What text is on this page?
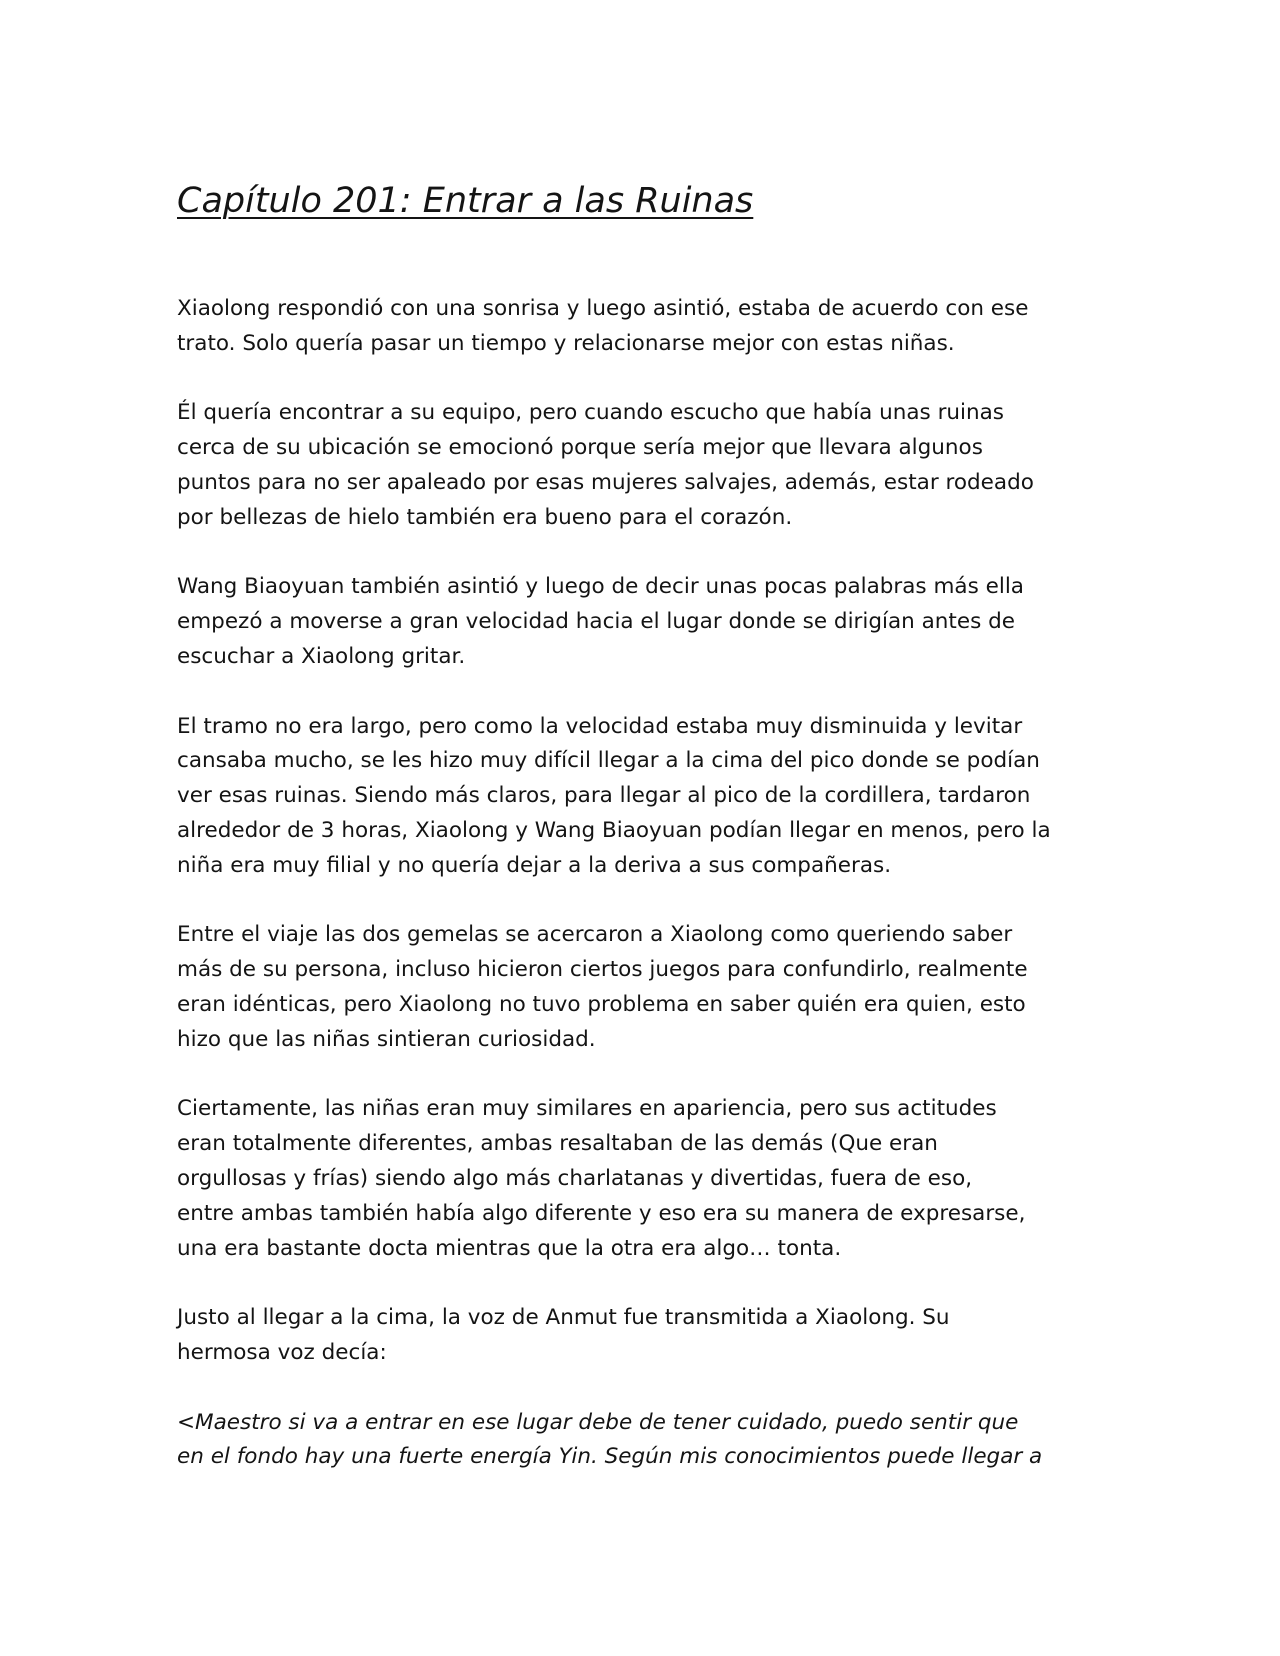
Capítulo 201: Entrar a las Ruinas

Xiaolong respondió con una sonrisa y luego asintió, estaba de acuerdo con ese
trato. Solo quería pasar un tiempo y relacionarse mejor con estas niñas.

Él quería encontrar a su equipo, pero cuando escucho que había unas ruinas
cerca de su ubicación se emocionó porque sería mejor que llevara algunos
puntos para no ser apaleado por esas mujeres salvajes, además, estar rodeado
por bellezas de hielo también era bueno para el corazón.

Wang Biaoyuan también asintió y luego de decir unas pocas palabras más ella
empezó a moverse a gran velocidad hacia el lugar donde se dirigían antes de
escuchar a Xiaolong gritar.

El tramo no era largo, pero como la velocidad estaba muy disminuida y levitar
cansaba mucho, se les hizo muy difícil llegar a la cima del pico donde se podían
ver esas ruinas. Siendo más claros, para llegar al pico de la cordillera, tardaron
alrededor de 3 horas, Xiaolong y Wang Biaoyuan podían llegar en menos, pero la
niña era muy filial y no quería dejar a la deriva a sus compañeras.

Entre el viaje las dos gemelas se acercaron a Xiaolong como queriendo saber
más de su persona, incluso hicieron ciertos juegos para confundirlo, realmente
eran idénticas, pero Xiaolong no tuvo problema en saber quién era quien, esto
hizo que las niñas sintieran curiosidad.

Ciertamente, las niñas eran muy similares en apariencia, pero sus actitudes
eran totalmente diferentes, ambas resaltaban de las demás (Que eran
orgullosas y frías) siendo algo más charlatanas y divertidas, fuera de eso,
entre ambas también había algo diferente y eso era su manera de expresarse,
una era bastante docta mientras que la otra era algo… tonta.

Justo al llegar a la cima, la voz de Anmut fue transmitida a Xiaolong. Su
hermosa voz decía:

<Maestro si va a entrar en ese lugar debe de tener cuidado, puedo sentir que
en el fondo hay una fuerte energía Yin. Según mis conocimientos puede llegar a
